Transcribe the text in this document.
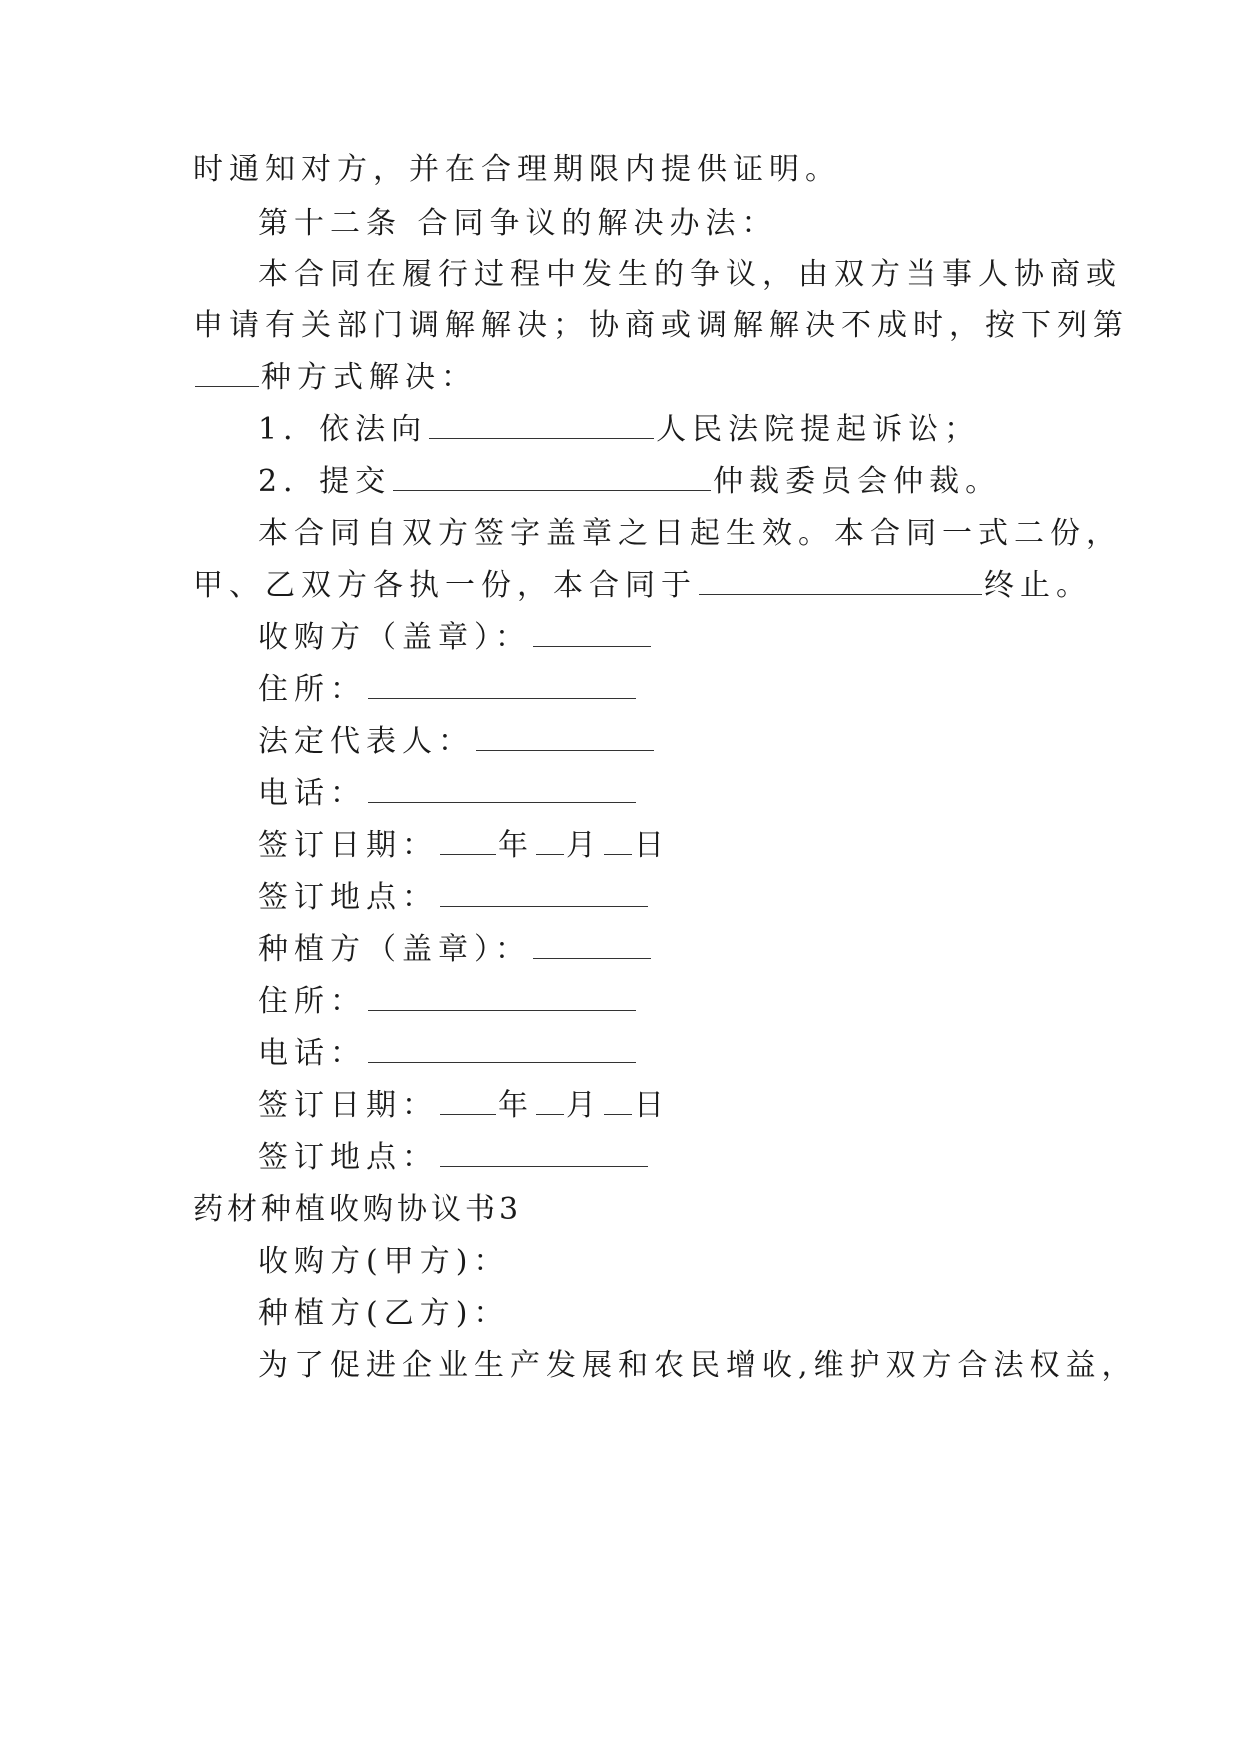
时通知对方，并在合理期限内提供证明。

第十二条 合同争议的解决办法：

本合同在履行过程中发生的争议，由双方当事人协商或

申请有关部门调解解决；协商或调解解决不成时，按下列第

种方式解决：

1．依法向	人民法院提起诉讼；

2．提交	仲裁委员会仲裁。

本合同自双方签字盖章之日起生效。本合同一式二份，

甲、乙双方各执一份，本合同于	终止。

收购方（盖章）：

住所：

法定代表人：

电话：

签订日期： 年 月 日

签订地点：

种植方（盖章）：

住所：

电话：

签订日期： 年 月 日

签订地点：

药材种植收购协议书3

收购方(甲方)：

种植方(乙方)：

为了促进企业生产发展和农民增收,维护双方合法权益，
